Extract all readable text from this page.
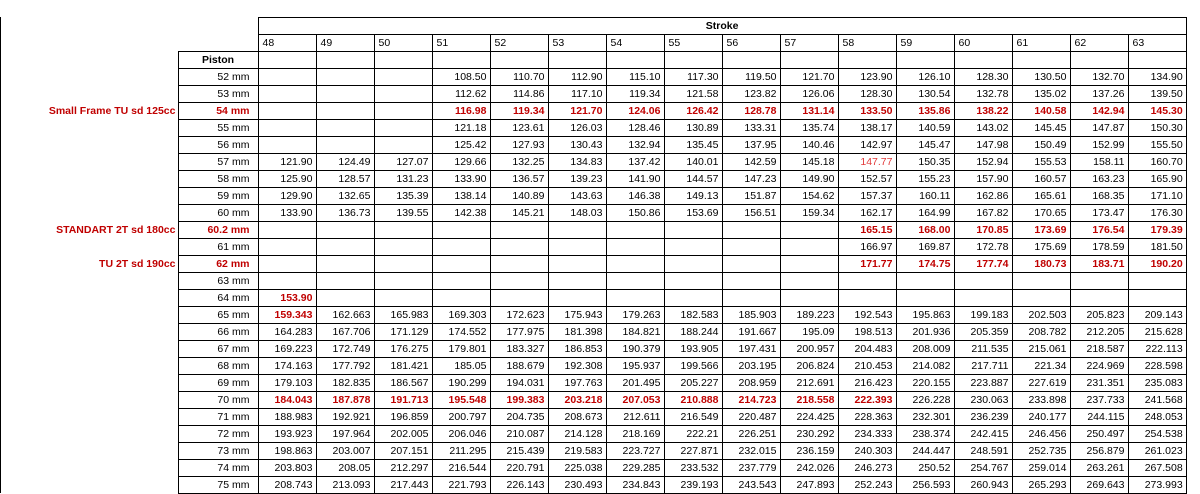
		Stroke															
		48	49	50	51	52	53	54	55	56	57	58	59	60	61	62	63
	Piston																
	52 mm				108.50	110.70	112.90	115.10	117.30	119.50	121.70	123.90	126.10	128.30	130.50	132.70	134.90
	53 mm				112.62	114.86	117.10	119.34	121.58	123.82	126.06	128.30	130.54	132.78	135.02	137.26	139.50
Small Frame TU sd 125cc	54 mm				116.98	119.34	121.70	124.06	126.42	128.78	131.14	133.50	135.86	138.22	140.58	142.94	145.30
	55 mm				121.18	123.61	126.03	128.46	130.89	133.31	135.74	138.17	140.59	143.02	145.45	147.87	150.30
	56 mm				125.42	127.93	130.43	132.94	135.45	137.95	140.46	142.97	145.47	147.98	150.49	152.99	155.50
	57 mm	121.90	124.49	127.07	129.66	132.25	134.83	137.42	140.01	142.59	145.18	147.77	150.35	152.94	155.53	158.11	160.70
	58 mm	125.90	128.57	131.23	133.90	136.57	139.23	141.90	144.57	147.23	149.90	152.57	155.23	157.90	160.57	163.23	165.90
	59 mm	129.90	132.65	135.39	138.14	140.89	143.63	146.38	149.13	151.87	154.62	157.37	160.11	162.86	165.61	168.35	171.10
	60 mm	133.90	136.73	139.55	142.38	145.21	148.03	150.86	153.69	156.51	159.34	162.17	164.99	167.82	170.65	173.47	176.30
STANDART 2T sd 180cc	60.2 mm											165.15	168.00	170.85	173.69	176.54	179.39
	61 mm											166.97	169.87	172.78	175.69	178.59	181.50
TU 2T sd 190cc	62 mm											171.77	174.75	177.74	180.73	183.71	190.20
	63 mm																
	64 mm	153.90															
	65 mm	159.343	162.663	165.983	169.303	172.623	175.943	179.263	182.583	185.903	189.223	192.543	195.863	199.183	202.503	205.823	209.143
	66 mm	164.283	167.706	171.129	174.552	177.975	181.398	184.821	188.244	191.667	195.09	198.513	201.936	205.359	208.782	212.205	215.628
	67 mm	169.223	172.749	176.275	179.801	183.327	186.853	190.379	193.905	197.431	200.957	204.483	208.009	211.535	215.061	218.587	222.113
	68 mm	174.163	177.792	181.421	185.05	188.679	192.308	195.937	199.566	203.195	206.824	210.453	214.082	217.711	221.34	224.969	228.598
	69 mm	179.103	182.835	186.567	190.299	194.031	197.763	201.495	205.227	208.959	212.691	216.423	220.155	223.887	227.619	231.351	235.083
	70 mm	184.043	187.878	191.713	195.548	199.383	203.218	207.053	210.888	214.723	218.558	222.393	226.228	230.063	233.898	237.733	241.568
	71 mm	188.983	192.921	196.859	200.797	204.735	208.673	212.611	216.549	220.487	224.425	228.363	232.301	236.239	240.177	244.115	248.053
	72 mm	193.923	197.964	202.005	206.046	210.087	214.128	218.169	222.21	226.251	230.292	234.333	238.374	242.415	246.456	250.497	254.538
	73 mm	198.863	203.007	207.151	211.295	215.439	219.583	223.727	227.871	232.015	236.159	240.303	244.447	248.591	252.735	256.879	261.023
	74 mm	203.803	208.05	212.297	216.544	220.791	225.038	229.285	233.532	237.779	242.026	246.273	250.52	254.767	259.014	263.261	267.508
	75 mm	208.743	213.093	217.443	221.793	226.143	230.493	234.843	239.193	243.543	247.893	252.243	256.593	260.943	265.293	269.643	273.993
